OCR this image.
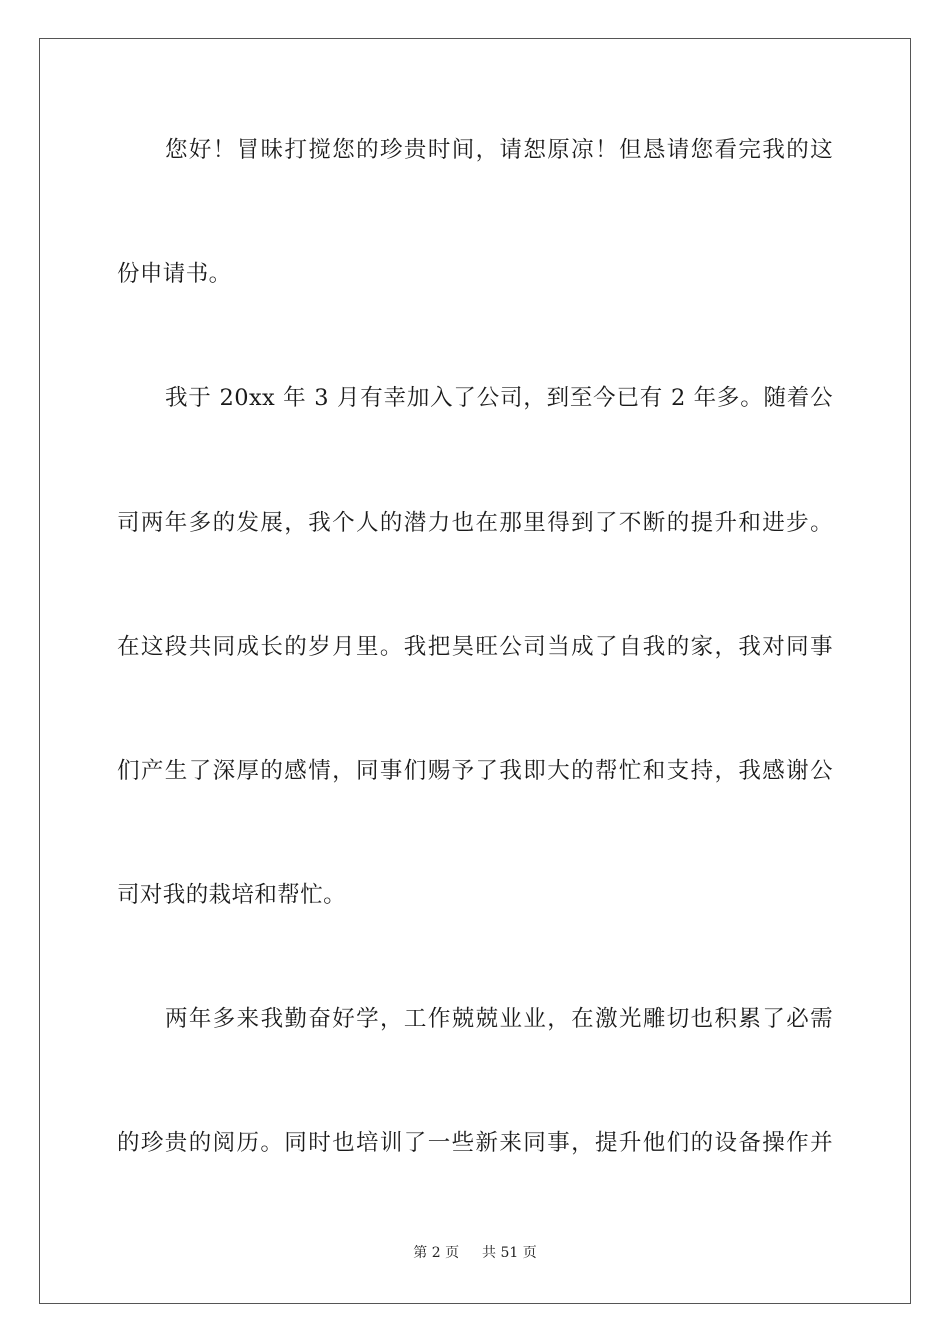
您好！冒昧打搅您的珍贵时间，请恕原凉！但恳请您看完我的这
份申请书。
我于 20xx 年 3 月有幸加入了公司，到至今已有 2 年多。随着公
司两年多的发展，我个人的潜力也在那里得到了不断的提升和进步。
在这段共同成长的岁月里。我把昊旺公司当成了自我的家，我对同事
们产生了深厚的感情，同事们赐予了我即大的帮忙和支持，我感谢公
司对我的栽培和帮忙。
两年多来我勤奋好学，工作兢兢业业，在激光雕切也积累了必需
的珍贵的阅历。同时也培训了一些新来同事，提升他们的设备操作并
第 2 页 共 51 页
